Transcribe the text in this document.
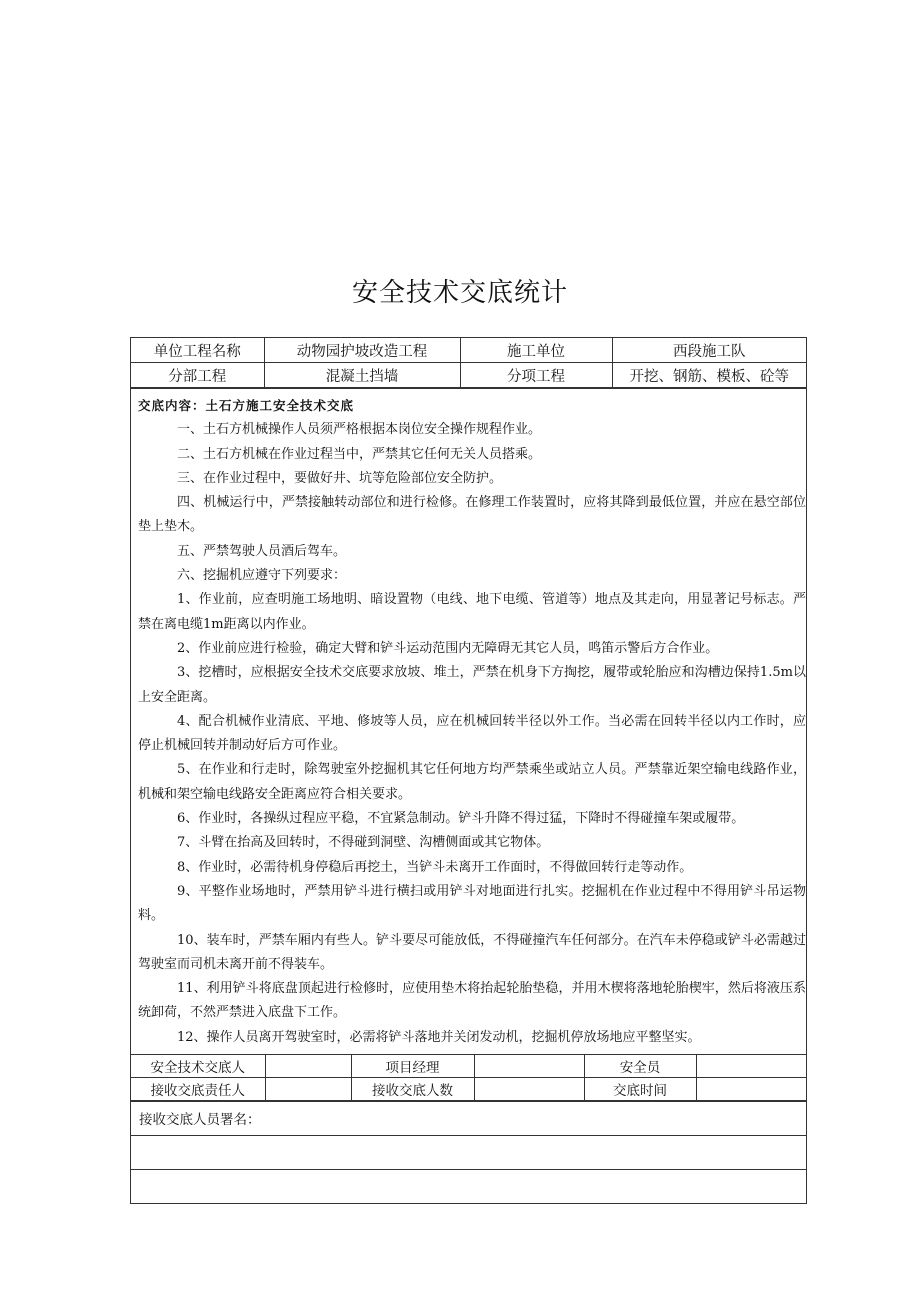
安全技术交底统计
单位工程名称	动物园护坡改造工程	施工单位	西段施工队
分部工程	混凝土挡墙	分项工程	开挖、钢筋、模板、砼等
交底内容：土石方施工安全技术交底

一、土石方机械操作人员须严格根据本岗位安全操作规程作业。

二、土石方机械在作业过程当中，严禁其它任何无关人员搭乘。

三、在作业过程中，要做好井、坑等危险部位安全防护。

四、机械运行中，严禁接触转动部位和进行检修。在修理工作装置时，应将其降到最低位置，并应在悬空部位垫上垫木。

五、严禁驾驶人员酒后驾车。

六、挖掘机应遵守下列要求：

1、作业前，应查明施工场地明、暗设置物（电线、地下电缆、管道等）地点及其走向，用显著记号标志。严禁在离电缆1m距离以内作业。

2、作业前应进行检验，确定大臂和铲斗运动范围内无障碍无其它人员，鸣笛示警后方合作业。

3、挖槽时，应根据安全技术交底要求放坡、堆土，严禁在机身下方掏挖，履带或轮胎应和沟槽边保持1.5m以上安全距离。

4、配合机械作业清底、平地、修坡等人员，应在机械回转半径以外工作。当必需在回转半径以内工作时，应停止机械回转并制动好后方可作业。

5、在作业和行走时，除驾驶室外挖掘机其它任何地方均严禁乘坐或站立人员。严禁靠近架空输电线路作业，机械和架空输电线路安全距离应符合相关要求。

6、作业时，各操纵过程应平稳，不宜紧急制动。铲斗升降不得过猛，下降时不得碰撞车架或履带。

7、斗臂在抬高及回转时，不得碰到洞壁、沟槽侧面或其它物体。

8、作业时，必需待机身停稳后再挖土，当铲斗未离开工作面时，不得做回转行走等动作。

9、平整作业场地时，严禁用铲斗进行横扫或用铲斗对地面进行扎实。挖掘机在作业过程中不得用铲斗吊运物料。

10、装车时，严禁车厢内有些人。铲斗要尽可能放低，不得碰撞汽车任何部分。在汽车未停稳或铲斗必需越过驾驶室而司机未离开前不得装车。

11、利用铲斗将底盘顶起进行检修时，应使用垫木将抬起轮胎垫稳，并用木楔将落地轮胎楔牢，然后将液压系统卸荷，不然严禁进入底盘下工作。

12、操作人员离开驾驶室时，必需将铲斗落地并关闭发动机，挖掘机停放场地应平整坚实。

安全技术交底人		项目经理		安全员	
接收交底责任人		接收交底人数		交底时间	
接收交底人员署名：
